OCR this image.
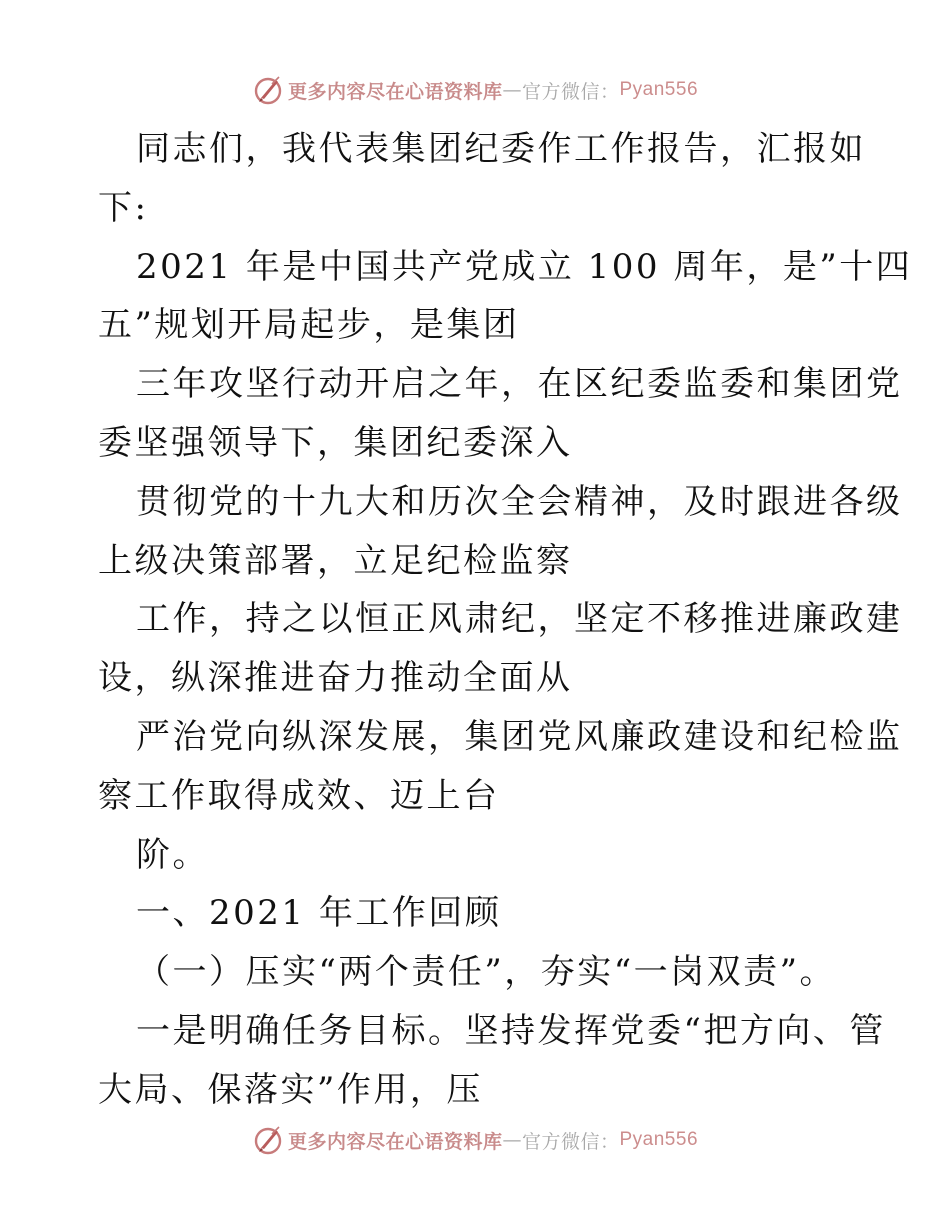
更多内容尽在心语资料库 — 官方微信： Pyan556
同志们，我代表集团纪委作工作报告，汇报如
下:
2021 年是中国共产党成立 100 周年，是”十四
五”规划开局起步，是集团
三年攻坚行动开启之年，在区纪委监委和集团党
委坚强领导下，集团纪委深入
贯彻党的十九大和历次全会精神，及时跟进各级
上级决策部署，立足纪检监察
工作，持之以恒正风肃纪，坚定不移推进廉政建
设，纵深推进奋力推动全面从
严治党向纵深发展，集团党风廉政建设和纪检监
察工作取得成效、迈上台
阶。
一、2021 年工作回顾
（一）压实“两个责任”，夯实“一岗双责”。
一是明确任务目标。坚持发挥党委“把方向、管
大局、保落实”作用，压
更多内容尽在心语资料库 — 官方微信： Pyan556
